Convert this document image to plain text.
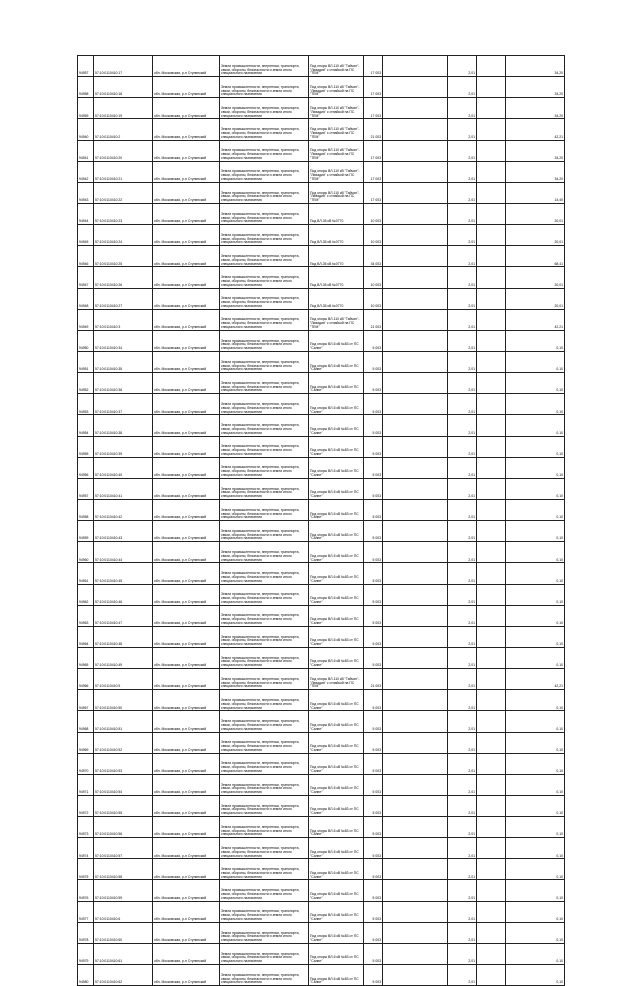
94957	57:10:0110410:17	обл. Московская, р-н Ступинский	Земли промышленности, энергетики, транспорта, связи, обороны, безопасности и земли иного специального назначения	Под опоры ВЛ-110 кВ "Тайчин"-"Ливадия" с отпайкой на ПС "ТЕМ"	17 003		2,01		34,20
94958	57:10:0110410:18	обл. Московская, р-н Ступинский	Земли промышленности, энергетики, транспорта, связи, обороны, безопасности и земли иного специального назначения	Под опоры ВЛ-110 кВ "Тайчин"-"Ливадия" с отпайкой на ПС "ТЕМ"	17 003		2,01		34,20
94959	57:10:0110410:19	обл. Московская, р-н Ступинский	Земли промышленности, энергетики, транспорта, связи, обороны, безопасности и земли иного специального назначения	Под опоры ВЛ-110 кВ "Тайчин"-"Ливадия" с отпайкой на ПС "ТЕМ"	17 003		2,01		34,20
94940	57:10:0110410:2	обл. Московская, р-н Ступинский	Земли промышленности, энергетики, транспорта, связи, обороны, безопасности и земли иного специального назначения	Под опоры ВЛ-110 кВ "Тайчин"-"Ливадия" с отпайкой на ПС "ТЕМ"	21 003		2,01		42,21
94941	57:10:0110410:20	обл. Московская, р-н Ступинский	Земли промышленности, энергетики, транспорта, связи, обороны, безопасности и земли иного специального назначения	Под опоры ВЛ-110 кВ "Тайчин"-"Ливадия" с отпайкой на ПС "ТЕМ"	17 003		2,01		34,20
94942	57:10:0110410:21	обл. Московская, р-н Ступинский	Земли промышленности, энергетики, транспорта, связи, обороны, безопасности и земли иного специального назначения	Под опоры ВЛ-110 кВ "Тайчин"-"Ливадия" с отпайкой на ПС "ТЕМ"	17 003		2,01		34,20
94943	57:10:0110410:22	обл. Московская, р-н Ступинский	Земли промышленности, энергетики, транспорта, связи, обороны, безопасности и земли иного специального назначения	Под опоры ВЛ-110 кВ "Тайчин"-"Ливадия" с отпайкой на ПС "ТЕМ"	17 003		2,01		14,40
94944	57:10:0110410:23	обл. Московская, р-н Ступинский	Земли промышленности, энергетики, транспорта, связи, обороны, безопасности и земли иного специального назначения	Под ВЛ-35 кВ №0770	10 003		2,01		20,01
94945	57:10:0110410:24	обл. Московская, р-н Ступинский	Земли промышленности, энергетики, транспорта, связи, обороны, безопасности и земли иного специального назначения	Под ВЛ-35 кВ №0770	10 003		2,01		20,01
94946	57:10:0110410:25	обл. Московская, р-н Ступинский	Земли промышленности, энергетики, транспорта, связи, обороны, безопасности и земли иного специального назначения	Под ВЛ-35 кВ №0770	34 003		2,01		68,41
94947	57:10:0110410:26	обл. Московская, р-н Ступинский	Земли промышленности, энергетики, транспорта, связи, обороны, безопасности и земли иного специального назначения	Под ВЛ-35 кВ №0770	10 003		2,01		20,01
94948	57:10:0110410:27	обл. Московская, р-н Ступинский	Земли промышленности, энергетики, транспорта, связи, обороны, безопасности и земли иного специального назначения	Под ВЛ-35 кВ №0770	10 003		2,01		20,01
94949	57:10:0110410:3	обл. Московская, р-н Ступинский	Земли промышленности, энергетики, транспорта, связи, обороны, безопасности и земли иного специального назначения	Под опоры ВЛ-110 кВ "Тайчин"-"Ливадия" с отпайкой на ПС "ТЕМ"	21 003		2,01		42,21
94950	57:10:0110410:34	обл. Московская, р-н Ступинский	Земли промышленности, энергетики, транспорта, связи, обороны, безопасности и земли иного специального назначения	Под опоры ВЛ-6 кВ №83 от ПС "Салют"	5 003		2,01		0,10
94951	57:10:0110410:35	обл. Московская, р-н Ступинский	Земли промышленности, энергетики, транспорта, связи, обороны, безопасности и земли иного специального назначения	Под опоры ВЛ-6 кВ №83 от ПС "Салют"	5 003		2,01		0,10
94952	57:10:0110410:36	обл. Московская, р-н Ступинский	Земли промышленности, энергетики, транспорта, связи, обороны, безопасности и земли иного специального назначения	Под опоры ВЛ-6 кВ №83 от ПС "Салют"	5 003		2,01		0,10
94953	57:10:0110410:37	обл. Московская, р-н Ступинский	Земли промышленности, энергетики, транспорта, связи, обороны, безопасности и земли иного специального назначения	Под опоры ВЛ-6 кВ №83 от ПС "Салют"	5 003		2,01		0,10
94954	57:10:0110410:38	обл. Московская, р-н Ступинский	Земли промышленности, энергетики, транспорта, связи, обороны, безопасности и земли иного специального назначения	Под опоры ВЛ-6 кВ №83 от ПС "Салют"	5 003		2,01		0,10
94955	57:10:0110410:39	обл. Московская, р-н Ступинский	Земли промышленности, энергетики, транспорта, связи, обороны, безопасности и земли иного специального назначения	Под опоры ВЛ-6 кВ №83 от ПС "Салют"	5 003		2,01		0,10
94956	57:10:0110410:40	обл. Московская, р-н Ступинский	Земли промышленности, энергетики, транспорта, связи, обороны, безопасности и земли иного специального назначения	Под опоры ВЛ-6 кВ №83 от ПС "Салют"	5 003		2,01		0,10
94957	57:10:0110410:41	обл. Московская, р-н Ступинский	Земли промышленности, энергетики, транспорта, связи, обороны, безопасности и земли иного специального назначения	Под опоры ВЛ-6 кВ №83 от ПС "Салют"	5 003		2,01		0,10
94958	57:10:0110410:42	обл. Московская, р-н Ступинский	Земли промышленности, энергетики, транспорта, связи, обороны, безопасности и земли иного специального назначения	Под опоры ВЛ-6 кВ №83 от ПС "Салют"	5 003		2,01		0,10
94959	57:10:0110410:43	обл. Московская, р-н Ступинский	Земли промышленности, энергетики, транспорта, связи, обороны, безопасности и земли иного специального назначения	Под опоры ВЛ-6 кВ №83 от ПС "Салют"	5 003		2,01		0,10
94960	57:10:0110410:44	обл. Московская, р-н Ступинский	Земли промышленности, энергетики, транспорта, связи, обороны, безопасности и земли иного специального назначения	Под опоры ВЛ-6 кВ №83 от ПС "Салют"	5 003		2,01		0,10
94961	57:10:0110410:45	обл. Московская, р-н Ступинский	Земли промышленности, энергетики, транспорта, связи, обороны, безопасности и земли иного специального назначения	Под опоры ВЛ-6 кВ №83 от ПС "Салют"	5 003		2,01		0,10
94962	57:10:0110410:46	обл. Московская, р-н Ступинский	Земли промышленности, энергетики, транспорта, связи, обороны, безопасности и земли иного специального назначения	Под опоры ВЛ-6 кВ №83 от ПС "Салют"	5 003		2,01		0,10
94963	57:10:0110410:47	обл. Московская, р-н Ступинский	Земли промышленности, энергетики, транспорта, связи, обороны, безопасности и земли иного специального назначения	Под опоры ВЛ-6 кВ №83 от ПС "Салют"	5 003		2,01		0,10
94964	57:10:0110410:48	обл. Московская, р-н Ступинский	Земли промышленности, энергетики, транспорта, связи, обороны, безопасности и земли иного специального назначения	Под опоры ВЛ-6 кВ №83 от ПС "Салют"	5 003		2,01		0,10
94965	57:10:0110410:49	обл. Московская, р-н Ступинский	Земли промышленности, энергетики, транспорта, связи, обороны, безопасности и земли иного специального назначения	Под опоры ВЛ-6 кВ №83 от ПС "Салют"	5 003		2,01		0,10
94966	57:10:0110410:5	обл. Московская, р-н Ступинский	Земли промышленности, энергетики, транспорта, связи, обороны, безопасности и земли иного специального назначения	Под опоры ВЛ-110 кВ "Тайчин"-"Ливадия" с отпайкой на ПС "ТЕМ"	21 003		2,01		42,21
94967	57:10:0110410:50	обл. Московская, р-н Ступинский	Земли промышленности, энергетики, транспорта, связи, обороны, безопасности и земли иного специального назначения	Под опоры ВЛ-6 кВ №83 от ПС "Салют"	5 003		2,01		0,10
94968	57:10:0110410:51	обл. Московская, р-н Ступинский	Земли промышленности, энергетики, транспорта, связи, обороны, безопасности и земли иного специального назначения	Под опоры ВЛ-6 кВ №83 от ПС "Салют"	5 003		2,01		0,10
94969	57:10:0110410:52	обл. Московская, р-н Ступинский	Земли промышленности, энергетики, транспорта, связи, обороны, безопасности и земли иного специального назначения	Под опоры ВЛ-6 кВ №83 от ПС "Салют"	5 003		2,01		0,10
94970	57:10:0110410:53	обл. Московская, р-н Ступинский	Земли промышленности, энергетики, транспорта, связи, обороны, безопасности и земли иного специального назначения	Под опоры ВЛ-6 кВ №83 от ПС "Салют"	5 003		2,01		0,10
94971	57:10:0110410:54	обл. Московская, р-н Ступинский	Земли промышленности, энергетики, транспорта, связи, обороны, безопасности и земли иного специального назначения	Под опоры ВЛ-6 кВ №83 от ПС "Салют"	5 003		2,01		0,10
94972	57:10:0110410:55	обл. Московская, р-н Ступинский	Земли промышленности, энергетики, транспорта, связи, обороны, безопасности и земли иного специального назначения	Под опоры ВЛ-6 кВ №83 от ПС "Салют"	5 003		2,01		0,10
94973	57:10:0110410:56	обл. Московская, р-н Ступинский	Земли промышленности, энергетики, транспорта, связи, обороны, безопасности и земли иного специального назначения	Под опоры ВЛ-6 кВ №83 от ПС "Салют"	5 003		2,01		0,10
94974	57:10:0110410:57	обл. Московская, р-н Ступинский	Земли промышленности, энергетики, транспорта, связи, обороны, безопасности и земли иного специального назначения	Под опоры ВЛ-6 кВ №83 от ПС "Салют"	5 003		2,01		0,10
94975	57:10:0110410:58	обл. Московская, р-н Ступинский	Земли промышленности, энергетики, транспорта, связи, обороны, безопасности и земли иного специального назначения	Под опоры ВЛ-6 кВ №83 от ПС "Салют"	5 003		2,01		0,10
94976	57:10:0110410:59	обл. Московская, р-н Ступинский	Земли промышленности, энергетики, транспорта, связи, обороны, безопасности и земли иного специального назначения	Под опоры ВЛ-6 кВ №83 от ПС "Салют"	5 003		2,01		0,10
94977	57:10:0110410:6	обл. Московская, р-н Ступинский	Земли промышленности, энергетики, транспорта, связи, обороны, безопасности и земли иного специального назначения	Под опоры ВЛ-6 кВ №83 от ПС "Салют"	5 003		2,01		0,10
94978	57:10:0110410:60	обл. Московская, р-н Ступинский	Земли промышленности, энергетики, транспорта, связи, обороны, безопасности и земли иного специального назначения	Под опоры ВЛ-6 кВ №83 от ПС "Салют"	5 003		2,01		0,10
94979	57:10:0110410:61	обл. Московская, р-н Ступинский	Земли промышленности, энергетики, транспорта, связи, обороны, безопасности и земли иного специального назначения	Под опоры ВЛ-6 кВ №83 от ПС "Салют"	5 003		2,01		0,10
94980	57:10:0110410:62	обл. Московская, р-н Ступинский	Земли промышленности, энергетики, транспорта, связи, обороны, безопасности и земли иного специального назначения	Под опоры ВЛ-6 кВ №83 от ПС "Салют"	5 003		2,01		0,10
